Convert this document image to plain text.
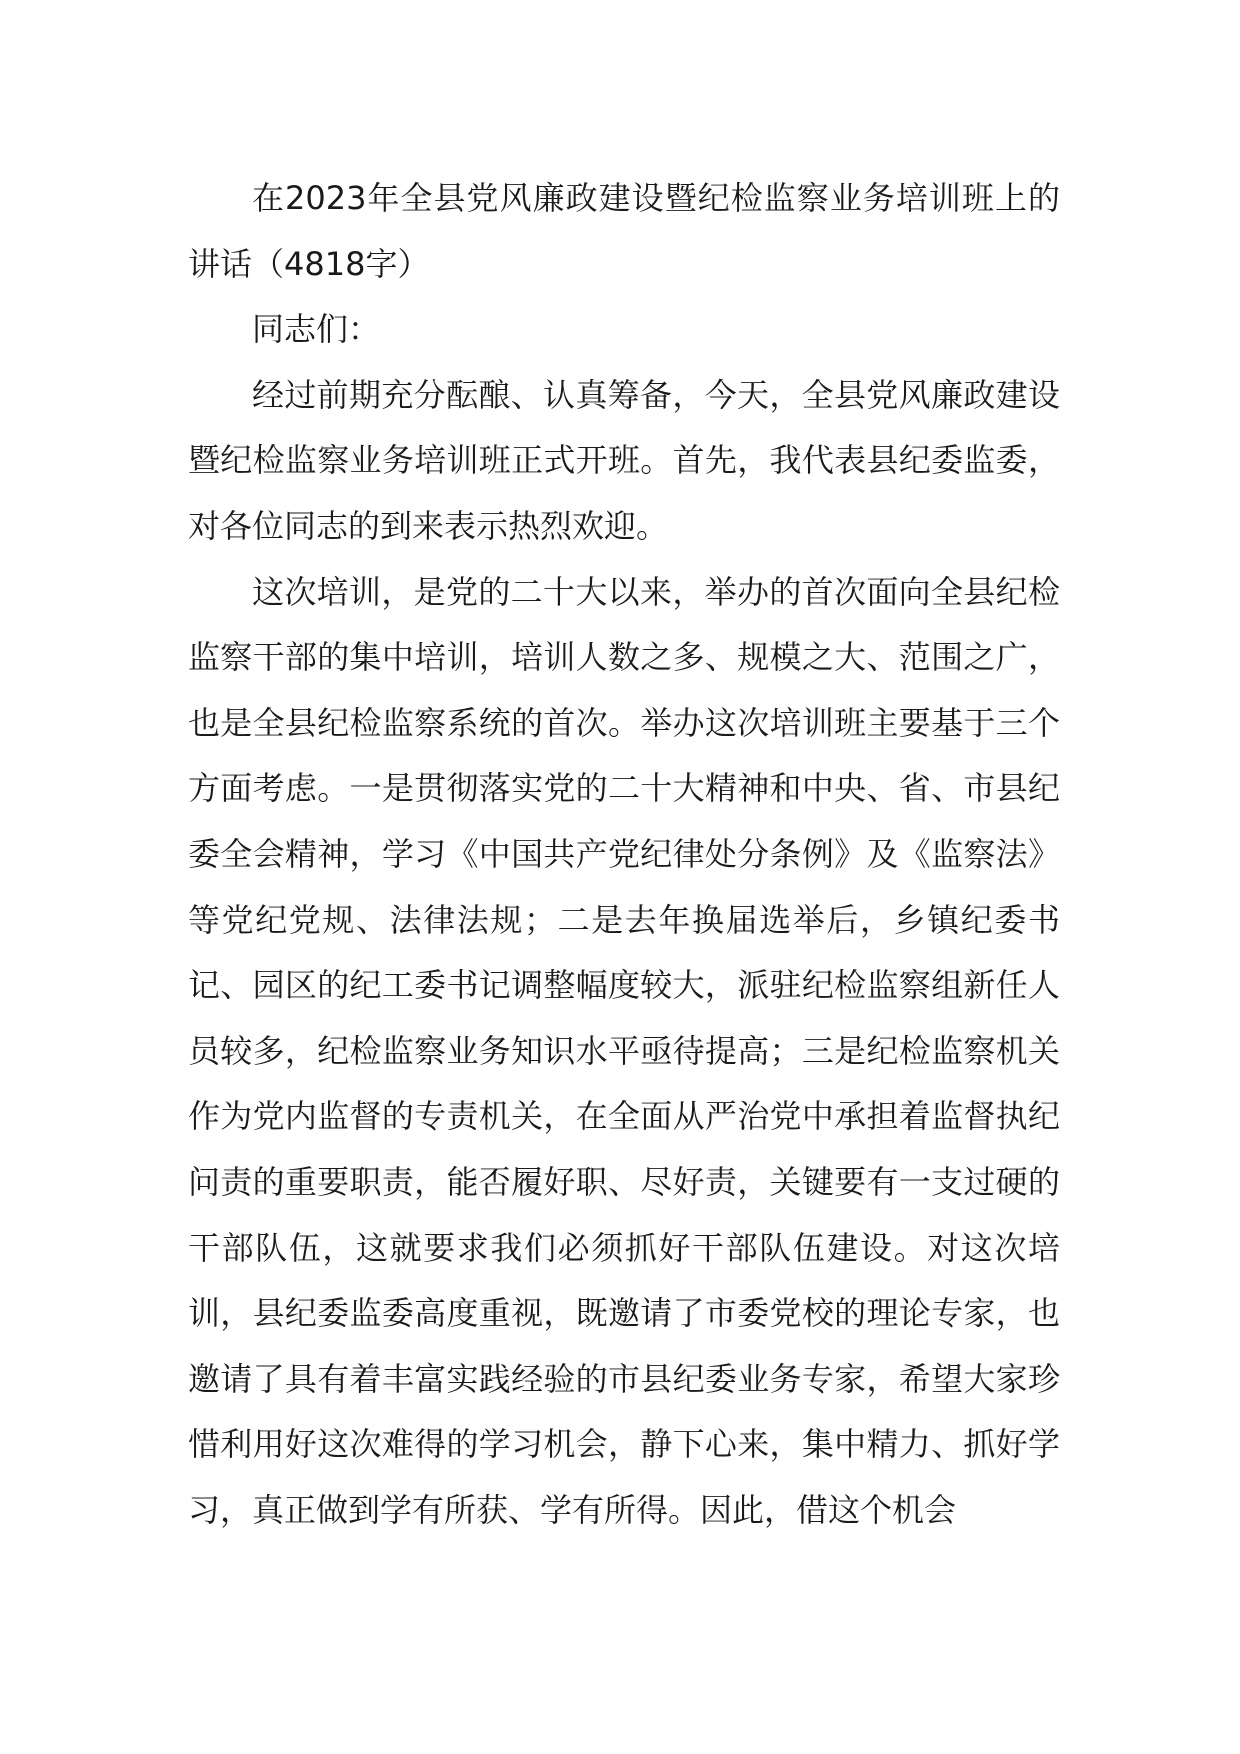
在2023年全县党风廉政建设暨纪检监察业务培训班上的讲话（4818字）

同志们：

经过前期充分酝酿、认真筹备，今天，全县党风廉政建设暨纪检监察业务培训班正式开班。首先，我代表县纪委监委，对各位同志的到来表示热烈欢迎。

这次培训，是党的二十大以来，举办的首次面向全县纪检监察干部的集中培训，培训人数之多、规模之大、范围之广，也是全县纪检监察系统的首次。举办这次培训班主要基于三个方面考虑。一是贯彻落实党的二十大精神和中央、省、市县纪委全会精神，学习《中国共产党纪律处分条例》及《监察法》等党纪党规、法律法规；二是去年换届选举后，乡镇纪委书记、园区的纪工委书记调整幅度较大，派驻纪检监察组新任人员较多，纪检监察业务知识水平亟待提高；三是纪检监察机关作为党内监督的专责机关，在全面从严治党中承担着监督执纪问责的重要职责，能否履好职、尽好责，关键要有一支过硬的干部队伍，这就要求我们必须抓好干部队伍建设。对这次培训，县纪委监委高度重视，既邀请了市委党校的理论专家，也邀请了具有着丰富实践经验的市县纪委业务专家，希望大家珍惜利用好这次难得的学习机会，静下心来，集中精力、抓好学习，真正做到学有所获、学有所得。因此，借这个机会
